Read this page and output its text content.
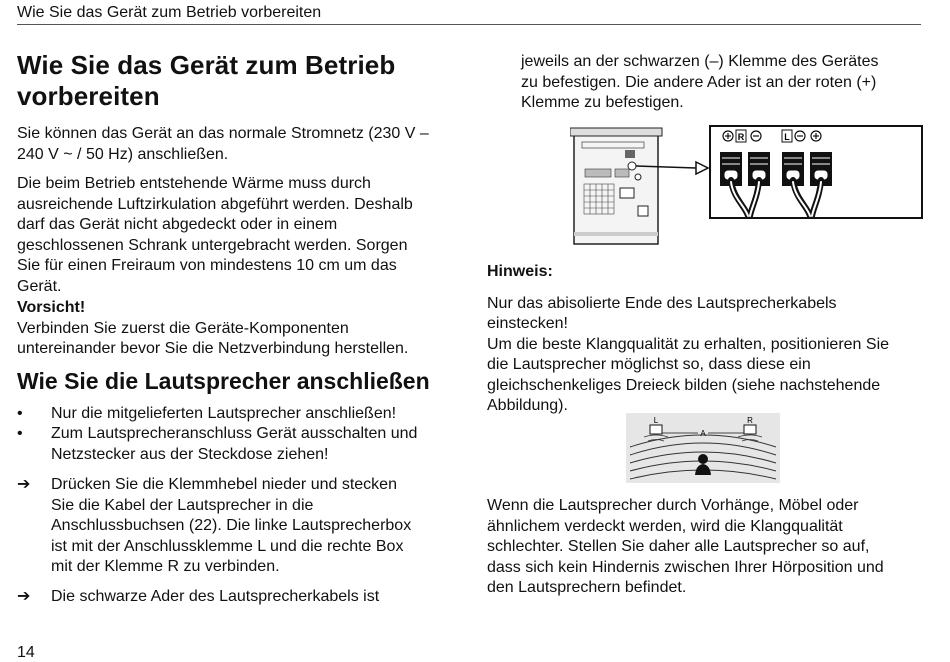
Wie Sie das Gerät zum Betrieb vorbereiten
Wie Sie das Gerät zum Betrieb
vorbereiten

Sie können das Gerät an das normale Stromnetz (230 V –
240 V ~ / 50 Hz) anschließen.

Die beim Betrieb entstehende Wärme muss durch
ausreichende Luftzirkulation abgeführt werden. Deshalb
darf das Gerät nicht abgedeckt oder in einem
geschlossenen Schrank untergebracht werden. Sorgen
Sie für einen Freiraum von mindestens 10 cm um das
Gerät.

Vorsicht!

Verbinden Sie zuerst die Geräte-Komponenten
untereinander bevor Sie die Netzverbindung herstellen.

Wie Sie die Lautsprecher anschließen
• Nur die mitgelieferten Lautsprecher anschließen!
• Zum Lautsprecheranschluss Gerät ausschalten und
Netzstecker aus der Steckdose ziehen!
➔ Drücken Sie die Klemmhebel nieder und stecken
Sie die Kabel der Lautsprecher in die
Anschlussbuchsen (22). Die linke Lautsprecherbox
ist mit der Anschlussklemme L und die rechte Box
mit der Klemme R zu verbinden.
➔ Die schwarze Ader des Lautsprecherkabels ist

jeweils an der schwarzen (–) Klemme des Gerätes
zu befestigen. Die andere Ader ist an der roten (+)
Klemme zu befestigen.

R	L

Hinweis:

Nur das abisolierte Ende des Lautsprecherkabels
einstecken!
Um die beste Klangqualität zu erhalten, positionieren Sie
die Lautsprecher möglichst so, dass diese ein
gleichschenkeliges Dreieck bilden (siehe nachstehende
Abbildung).

L	R
A

Wenn die Lautsprecher durch Vorhänge, Möbel oder
ähnlichem verdeckt werden, wird die Klangqualität
schlechter. Stellen Sie daher alle Lautsprecher so auf,
dass sich kein Hindernis zwischen Ihrer Hörposition und
den Lautsprechern befindet.

14
